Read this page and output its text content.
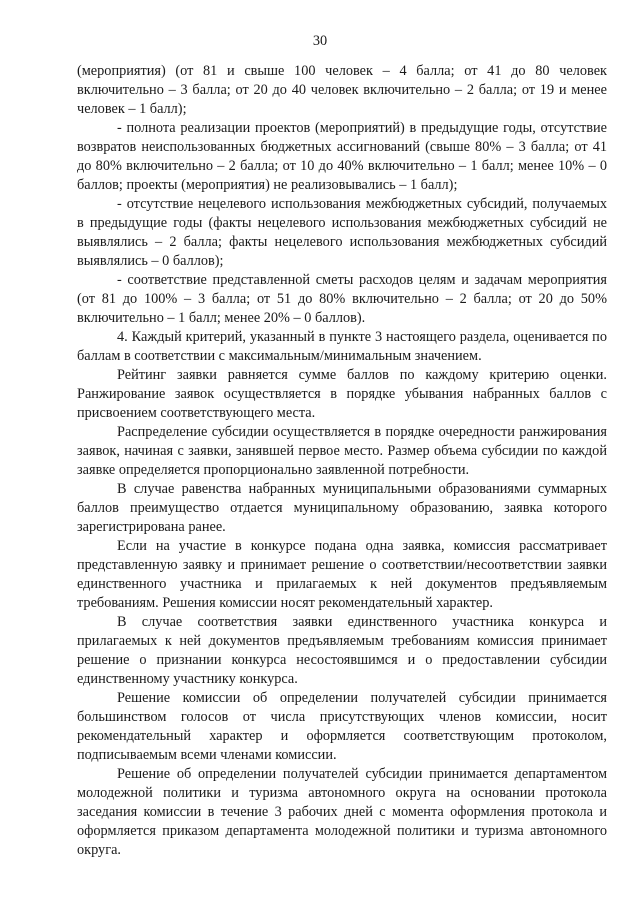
30

(мероприятия) (от 81 и свыше 100 человек – 4 балла; от 41 до 80 человек включительно – 3 балла; от 20 до 40 человек включительно – 2 балла; от 19 и менее человек – 1 балл);

- полнота реализации проектов (мероприятий) в предыдущие годы, отсутствие возвратов неиспользованных бюджетных ассигнований (свыше 80% – 3 балла; от 41 до 80% включительно – 2 балла; от 10 до 40% включительно – 1 балл; менее 10% – 0 баллов; проекты (мероприятия) не реализовывались – 1 балл);

- отсутствие нецелевого использования межбюджетных субсидий, получаемых в предыдущие годы (факты нецелевого использования межбюджетных субсидий не выявлялись – 2 балла; факты нецелевого использования межбюджетных субсидий выявлялись – 0 баллов);

- соответствие представленной сметы расходов целям и задачам мероприятия (от 81 до 100% – 3 балла; от 51 до 80% включительно – 2 балла; от 20 до 50% включительно – 1 балл; менее 20% – 0 баллов).

4. Каждый критерий, указанный в пункте 3 настоящего раздела, оценивается по баллам в соответствии с максимальным/минимальным значением.

Рейтинг заявки равняется сумме баллов по каждому критерию оценки. Ранжирование заявок осуществляется в порядке убывания набранных баллов с присвоением соответствующего места.

Распределение субсидии осуществляется в порядке очередности ранжирования заявок, начиная с заявки, занявшей первое место. Размер объема субсидии по каждой заявке определяется пропорционально заявленной потребности.

В случае равенства набранных муниципальными образованиями суммарных баллов преимущество отдается муниципальному образованию, заявка которого зарегистрирована ранее.

Если на участие в конкурсе подана одна заявка, комиссия рассматривает представленную заявку и принимает решение о соответствии/несоответствии заявки единственного участника и прилагаемых к ней документов предъявляемым требованиям. Решения комиссии носят рекомендательный характер.

В случае соответствия заявки единственного участника конкурса и прилагаемых к ней документов предъявляемым требованиям комиссия принимает решение о признании конкурса несостоявшимся и о предоставлении субсидии единственному участнику конкурса.

Решение комиссии об определении получателей субсидии принимается большинством голосов от числа присутствующих членов комиссии, носит рекомендательный характер и оформляется соответствующим протоколом, подписываемым всеми членами комиссии.

Решение об определении получателей субсидии принимается департаментом молодежной политики и туризма автономного округа на основании протокола заседания комиссии в течение 3 рабочих дней с момента оформления протокола и оформляется приказом департамента молодежной политики и туризма автономного округа.
